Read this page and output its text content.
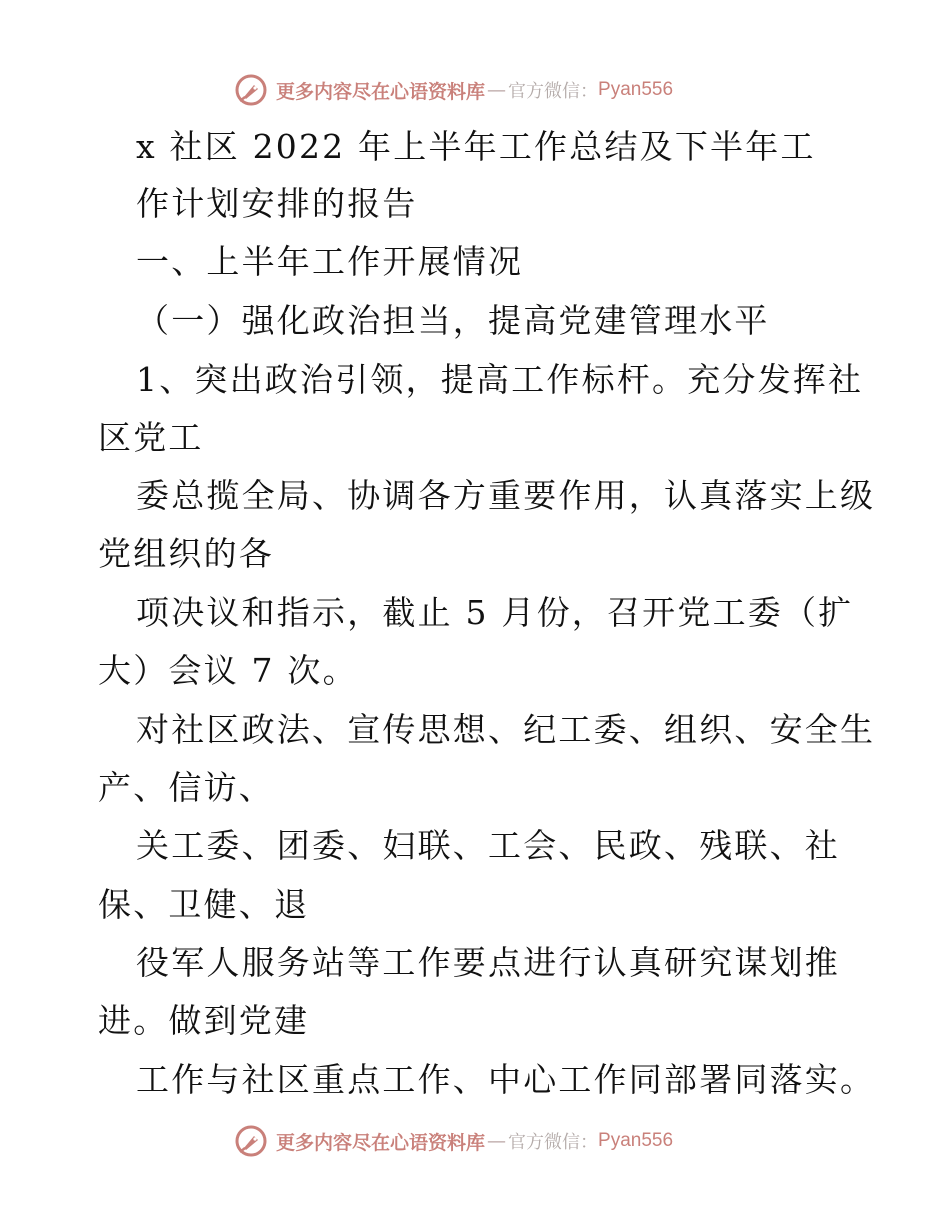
更多内容尽在心语资料库 — 官方微信： Pyan556
x 社区 2022 年上半年工作总结及下半年工
作计划安排的报告
一、上半年工作开展情况
（一）强化政治担当，提高党建管理水平
1、突出政治引领，提高工作标杆。充分发挥社
区党工
委总揽全局、协调各方重要作用，认真落实上级
党组织的各
项决议和指示，截止 5 月份，召开党工委（扩
大）会议 7 次。
对社区政法、宣传思想、纪工委、组织、安全生
产、信访、
关工委、团委、妇联、工会、民政、残联、社
保、卫健、退
役军人服务站等工作要点进行认真研究谋划推
进。做到党建
工作与社区重点工作、中心工作同部署同落实。
更多内容尽在心语资料库 — 官方微信： Pyan556
